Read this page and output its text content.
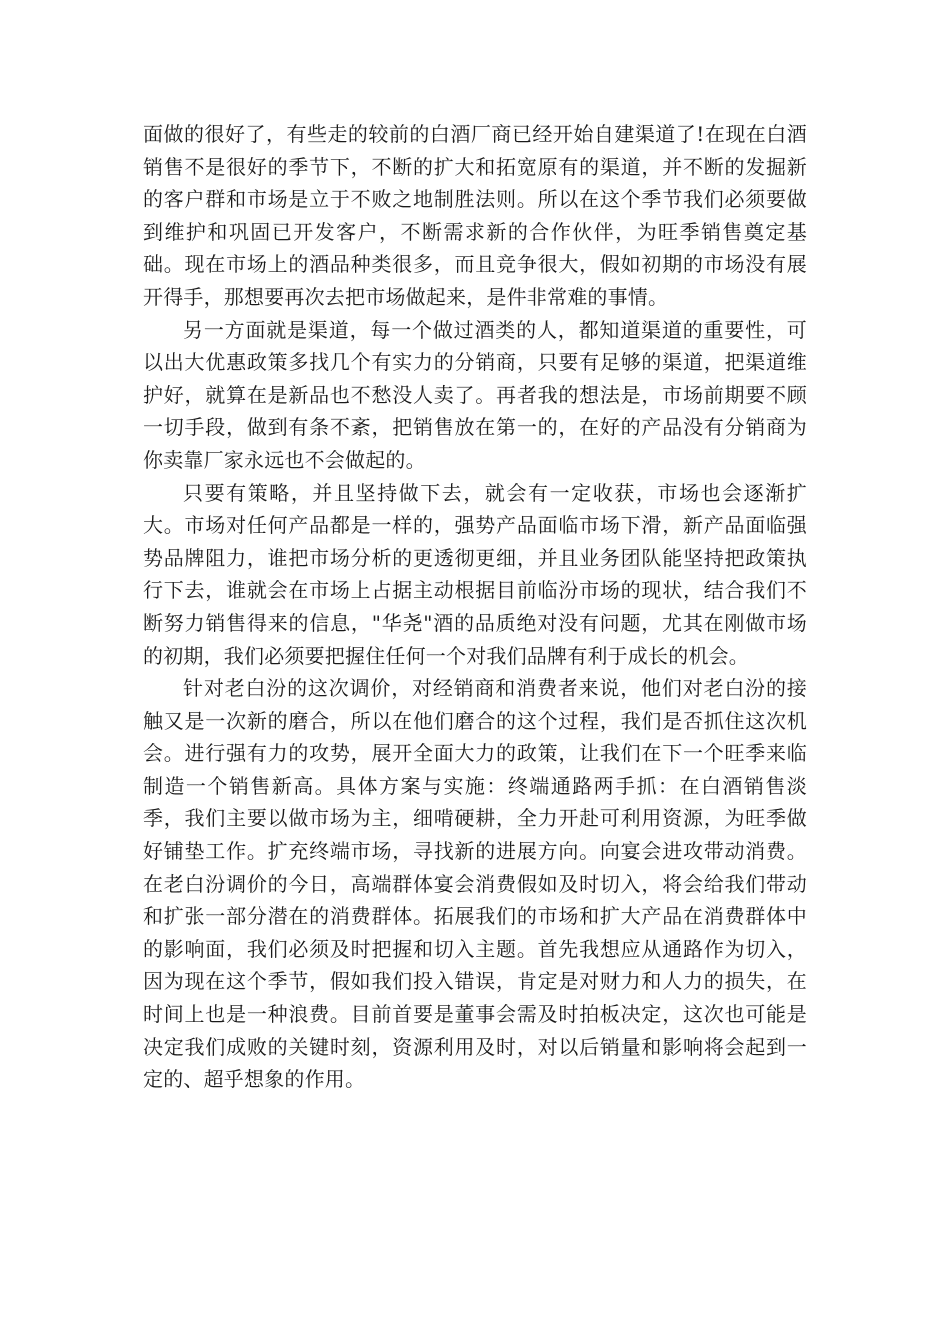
面做的很好了，有些走的较前的白酒厂商已经开始自建渠道了!在现在白酒销售不是很好的季节下，不断的扩大和拓宽原有的渠道，并不断的发掘新的客户群和市场是立于不败之地制胜法则。所以在这个季节我们必须要做到维护和巩固已开发客户，不断需求新的合作伙伴，为旺季销售奠定基础。现在市场上的酒品种类很多，而且竞争很大，假如初期的市场没有展开得手，那想要再次去把市场做起来，是件非常难的事情。

另一方面就是渠道，每一个做过酒类的人，都知道渠道的重要性，可以出大优惠政策多找几个有实力的分销商，只要有足够的渠道，把渠道维护好，就算在是新品也不愁没人卖了。再者我的想法是，市场前期要不顾一切手段，做到有条不紊，把销售放在第一的，在好的产品没有分销商为你卖靠厂家永远也不会做起的。

只要有策略，并且坚持做下去，就会有一定收获，市场也会逐渐扩大。市场对任何产品都是一样的，强势产品面临市场下滑，新产品面临强势品牌阻力，谁把市场分析的更透彻更细，并且业务团队能坚持把政策执行下去，谁就会在市场上占据主动根据目前临汾市场的现状，结合我们不断努力销售得来的信息，"华尧"酒的品质绝对没有问题，尤其在刚做市场的初期，我们必须要把握住任何一个对我们品牌有利于成长的机会。

针对老白汾的这次调价，对经销商和消费者来说，他们对老白汾的接触又是一次新的磨合，所以在他们磨合的这个过程，我们是否抓住这次机会。进行强有力的攻势，展开全面大力的政策，让我们在下一个旺季来临制造一个销售新高。具体方案与实施：终端通路两手抓：在白酒销售淡季，我们主要以做市场为主，细啃硬耕，全力开赴可利用资源，为旺季做好铺垫工作。扩充终端市场，寻找新的进展方向。向宴会进攻带动消费。在老白汾调价的今日，高端群体宴会消费假如及时切入，将会给我们带动和扩张一部分潜在的消费群体。拓展我们的市场和扩大产品在消费群体中的影响面，我们必须及时把握和切入主题。首先我想应从通路作为切入，因为现在这个季节，假如我们投入错误，肯定是对财力和人力的损失，在时间上也是一种浪费。目前首要是董事会需及时拍板决定，这次也可能是决定我们成败的关键时刻，资源利用及时，对以后销量和影响将会起到一定的、超乎想象的作用。
